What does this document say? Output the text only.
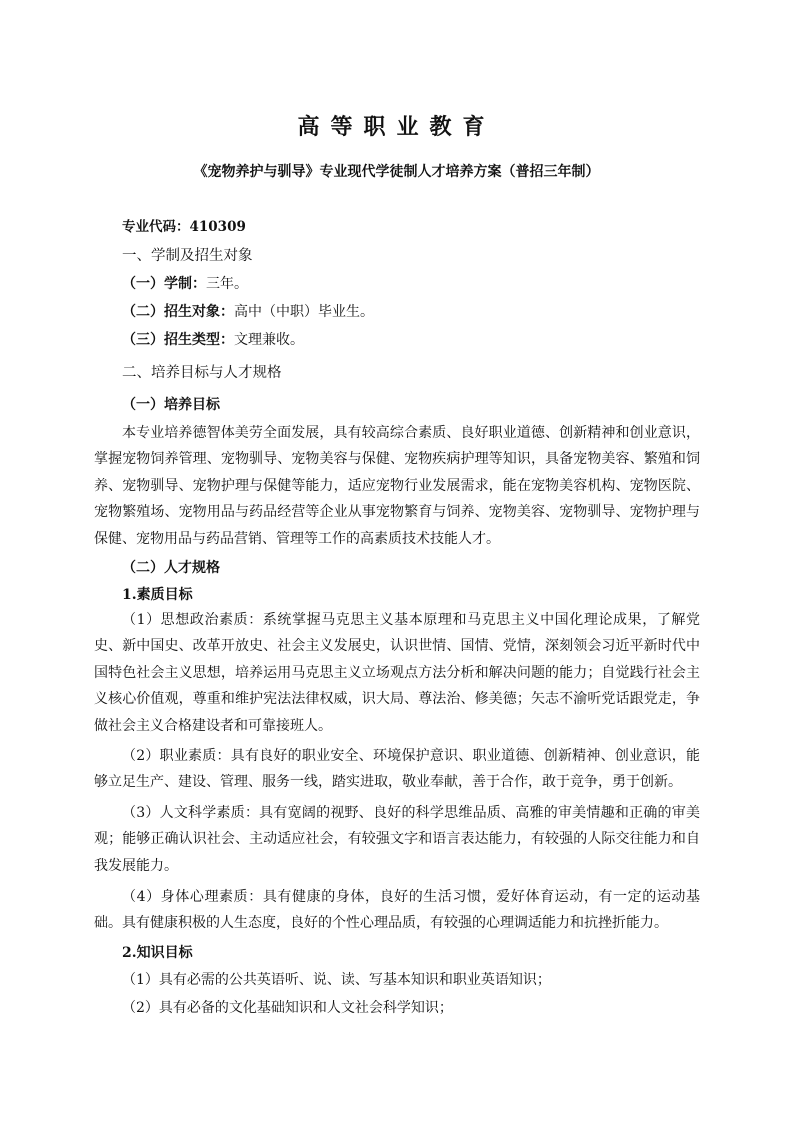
高等职业教育
《宠物养护与驯导》专业现代学徒制人才培养方案（普招三年制）
专业代码：410309
一、学制及招生对象
（一）学制：三年。
（二）招生对象：高中（中职）毕业生。
（三）招生类型：文理兼收。
二、培养目标与人才规格
（一）培养目标
本专业培养德智体美劳全面发展，具有较高综合素质、良好职业道德、创新精神和创业意识，掌握宠物饲养管理、宠物驯导、宠物美容与保健、宠物疾病护理等知识，具备宠物美容、繁殖和饲养、宠物驯导、宠物护理与保健等能力，适应宠物行业发展需求，能在宠物美容机构、宠物医院、宠物繁殖场、宠物用品与药品经营等企业从事宠物繁育与饲养、宠物美容、宠物驯导、宠物护理与保健、宠物用品与药品营销、管理等工作的高素质技术技能人才。
（二）人才规格
1.素质目标
（1）思想政治素质：系统掌握马克思主义基本原理和马克思主义中国化理论成果，了解党史、新中国史、改革开放史、社会主义发展史，认识世情、国情、党情，深刻领会习近平新时代中国特色社会主义思想，培养运用马克思主义立场观点方法分析和解决问题的能力；自觉践行社会主义核心价值观，尊重和维护宪法法律权威，识大局、尊法治、修美德；矢志不渝听党话跟党走，争做社会主义合格建设者和可靠接班人。
（2）职业素质：具有良好的职业安全、环境保护意识、职业道德、创新精神、创业意识，能够立足生产、建设、管理、服务一线，踏实进取，敬业奉献，善于合作，敢于竞争，勇于创新。
（3）人文科学素质：具有宽阔的视野、良好的科学思维品质、高雅的审美情趣和正确的审美观；能够正确认识社会、主动适应社会，有较强文字和语言表达能力，有较强的人际交往能力和自我发展能力。
（4）身体心理素质：具有健康的身体，良好的生活习惯，爱好体育运动，有一定的运动基础。具有健康积极的人生态度，良好的个性心理品质，有较强的心理调适能力和抗挫折能力。
2.知识目标
（1）具有必需的公共英语听、说、读、写基本知识和职业英语知识；
（2）具有必备的文化基础知识和人文社会科学知识；
